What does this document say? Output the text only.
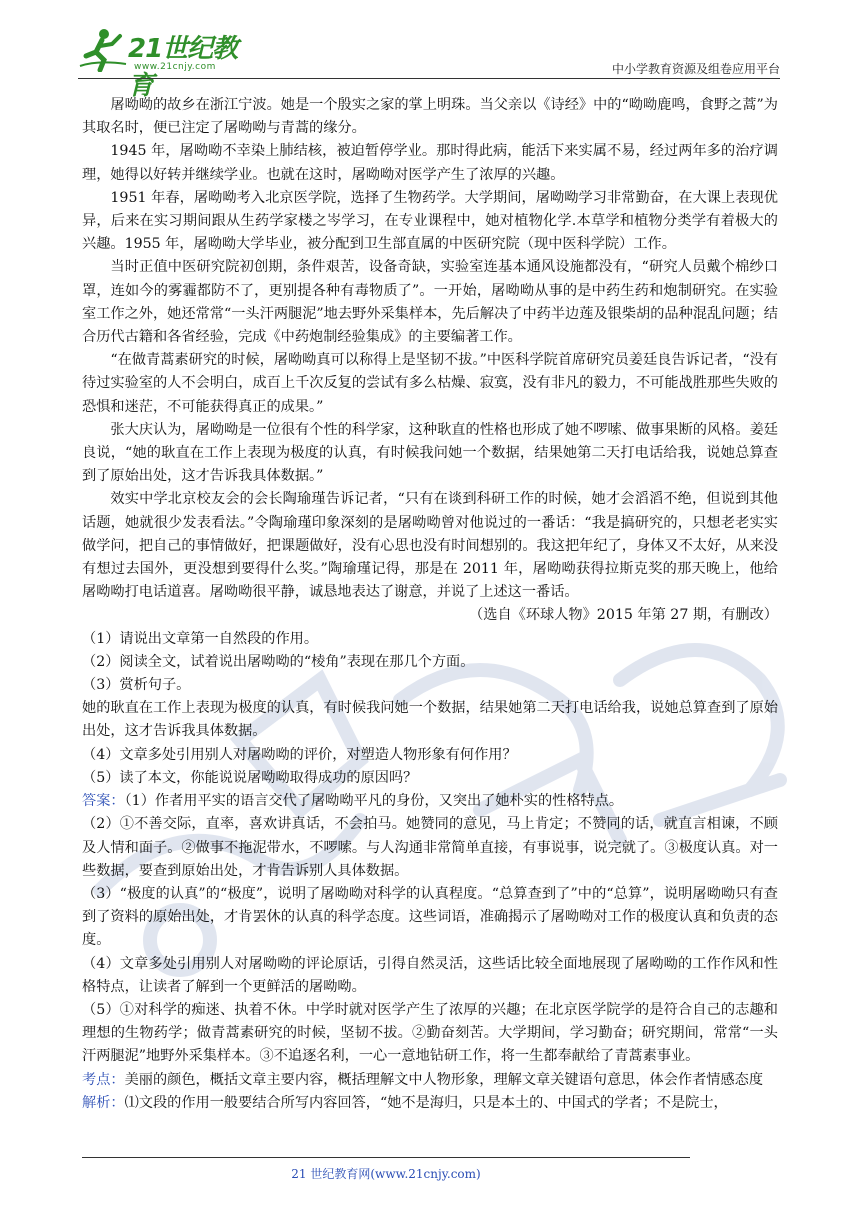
21世纪教育
www.21cnjy.com	中小学教育资源及组卷应用平台

屠呦呦的故乡在浙江宁波。她是一个殷实之家的掌上明珠。当父亲以《诗经》中的“呦呦鹿鸣，食野之蒿”为其取名时，便已注定了屠呦呦与青蒿的缘分。

1945 年，屠呦呦不幸染上肺结核，被迫暂停学业。那时得此病，能活下来实属不易，经过两年多的治疗调理，她得以好转并继续学业。也就在这时，屠呦呦对医学产生了浓厚的兴趣。

1951 年春，屠呦呦考入北京医学院，选择了生物药学。大学期间，屠呦呦学习非常勤奋，在大课上表现优异，后来在实习期间跟从生药学家楼之岑学习，在专业课程中，她对植物化学.本草学和植物分类学有着极大的兴趣。1955 年，屠呦呦大学毕业，被分配到卫生部直属的中医研究院（现中医科学院）工作。

当时正值中医研究院初创期，条件艰苦，设备奇缺，实验室连基本通风设施都没有，“研究人员戴个棉纱口罩，连如今的雾霾都防不了，更别提各种有毒物质了”。一开始，屠呦呦从事的是中药生药和炮制研究。在实验室工作之外，她还常常“一头汗两腿泥”地去野外采集样本，先后解决了中药半边莲及银柴胡的品种混乱问题；结合历代古籍和各省经验，完成《中药炮制经验集成》的主要编著工作。

“在做青蒿素研究的时候，屠呦呦真可以称得上是坚韧不拔。”中医科学院首席研究员姜廷良告诉记者，“没有待过实验室的人不会明白，成百上千次反复的尝试有多么枯燥、寂寞，没有非凡的毅力，不可能战胜那些失败的恐惧和迷茫，不可能获得真正的成果。”

张大庆认为，屠呦呦是一位很有个性的科学家，这种耿直的性格也形成了她不啰嗦、做事果断的风格。姜廷良说，“她的耿直在工作上表现为极度的认真，有时候我问她一个数据，结果她第二天打电话给我，说她总算查到了原始出处，这才告诉我具体数据。”

效实中学北京校友会的会长陶瑜瑾告诉记者，“只有在谈到科研工作的时候，她才会滔滔不绝，但说到其他话题，她就很少发表看法。”令陶瑜瑾印象深刻的是屠呦呦曾对他说过的一番话：“我是搞研究的，只想老老实实做学问，把自己的事情做好，把课题做好，没有心思也没有时间想别的。我这把年纪了，身体又不太好，从来没有想过去国外，更没想到要得什么奖。”陶瑜瑾记得，那是在 2011 年，屠呦呦获得拉斯克奖的那天晚上，他给屠呦呦打电话道喜。屠呦呦很平静，诚恳地表达了谢意，并说了上述这一番话。

（选自《环球人物》2015 年第 27 期，有删改）

（1）请说出文章第一自然段的作用。

（2）阅读全文，试着说出屠呦呦的“棱角”表现在那几个方面。

（3）赏析句子。

她的耿直在工作上表现为极度的认真，有时候我问她一个数据，结果她第二天打电话给我，说她总算查到了原始出处，这才告诉我具体数据。

（4）文章多处引用别人对屠呦呦的评价，对塑造人物形象有何作用？

（5）读了本文，你能说说屠呦呦取得成功的原因吗？

答案：（1）作者用平实的语言交代了屠呦呦平凡的身份，又突出了她朴实的性格特点。

（2）①不善交际，直率，喜欢讲真话，不会拍马。她赞同的意见，马上肯定；不赞同的话，就直言相谏，不顾及人情和面子。②做事不拖泥带水，不啰嗦。与人沟通非常简单直接，有事说事，说完就了。③极度认真。对一些数据，要查到原始出处，才肯告诉别人具体数据。

（3）“极度的认真”的“极度”，说明了屠呦呦对科学的认真程度。“总算查到了”中的“总算”，说明屠呦呦只有查到了资料的原始出处，才肯罢休的认真的科学态度。这些词语，准确揭示了屠呦呦对工作的极度认真和负责的态度。

（4）文章多处引用别人对屠呦呦的评论原话，引得自然灵活，这些话比较全面地展现了屠呦呦的工作作风和性格特点，让读者了解到一个更鲜活的屠呦呦。

（5）①对科学的痴迷、执着不休。中学时就对医学产生了浓厚的兴趣；在北京医学院学的是符合自己的志趣和理想的生物药学；做青蒿素研究的时候，坚韧不拔。②勤奋刻苦。大学期间，学习勤奋；研究期间，常常“一头汗两腿泥”地野外采集样本。③不追逐名利，一心一意地钻研工作，将一生都奉献给了青蒿素事业。

考点：美丽的颜色，概括文章主要内容，概括理解文中人物形象，理解文章关键语句意思，体会作者情感态度

解析：⑴文段的作用一般要结合所写内容回答，“她不是海归，只是本土的、中国式的学者；不是院士，

21 世纪教育网(www.21cnjy.com)
